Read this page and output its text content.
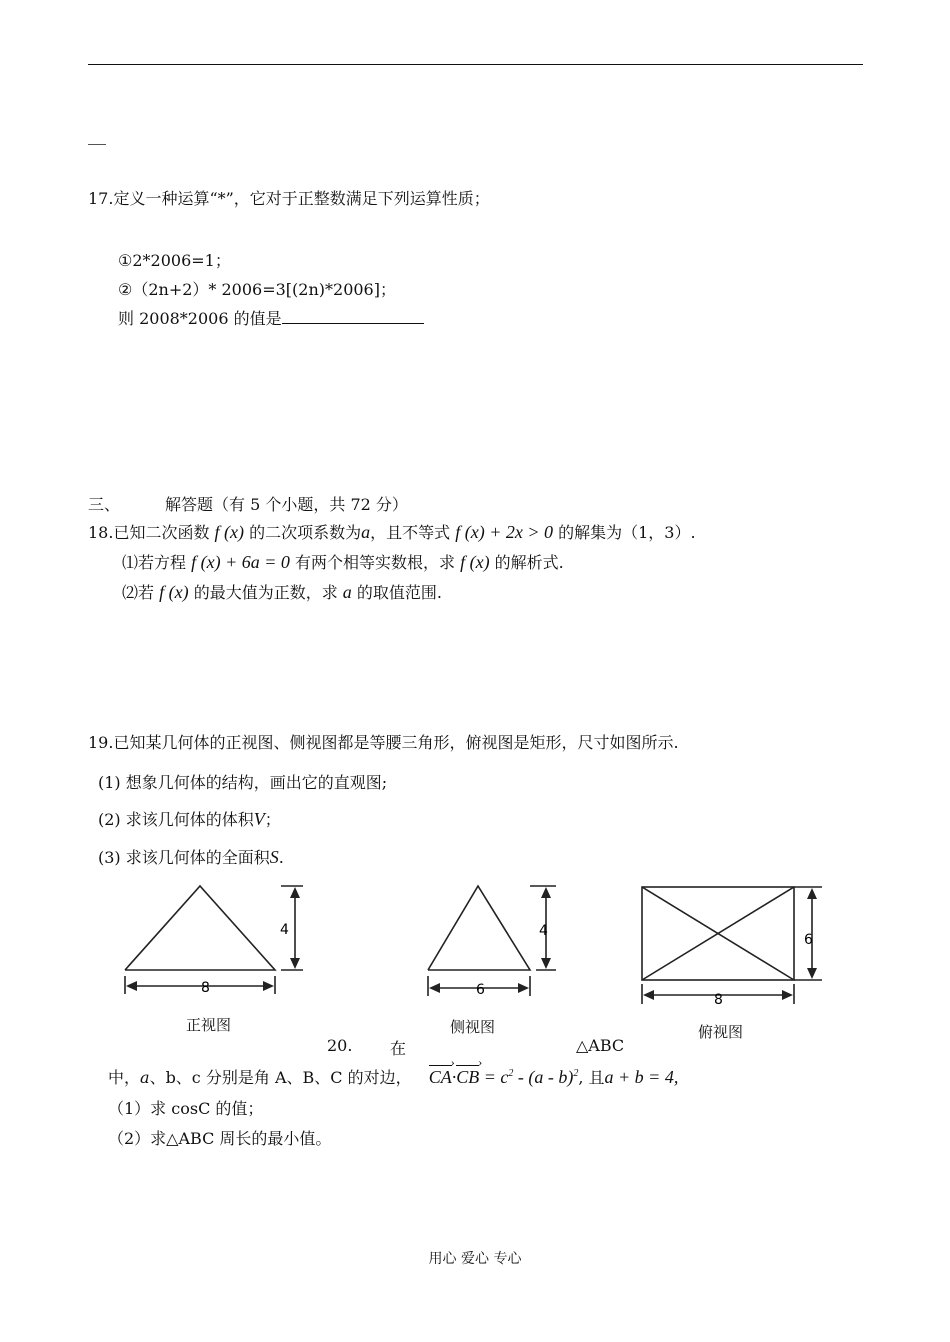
17.定义一种运算“*”，它对于正整数满足下列运算性质；
①2*2006=1；
②（2n+2）* 2006=3[(2n)*2006]；
则 2008*2006 的值是
三、	解答题（有 5 个小题，共 72 分）
18.已知二次函数 f (x) 的二次项系数为a，且不等式 f (x) + 2x > 0 的解集为（1，3）.
⑴若方程 f (x) + 6a = 0 有两个相等实数根，求 f (x) 的解析式.
⑵若 f (x) 的最大值为正数，求 a 的取值范围.
19.已知某几何体的正视图、侧视图都是等腰三角形，俯视图是矩形，尺寸如图所示.
(1) 想象几何体的结构，画出它的直观图;
(2) 求该几何体的体积V；
(3) 求该几何体的全面积S.
4
8
正视图
4
6
侧视图
6
8
俯视图
20. 在	△ABC
中，a、b、c 分别是角 A、B、C 的对边， CA ›·CB › = $c^2 - (a - b)^2$, 且a + b = 4,
（1）求 cosC 的值；
（2）求△ABC 周长的最小值。
用心 爱心 专心
